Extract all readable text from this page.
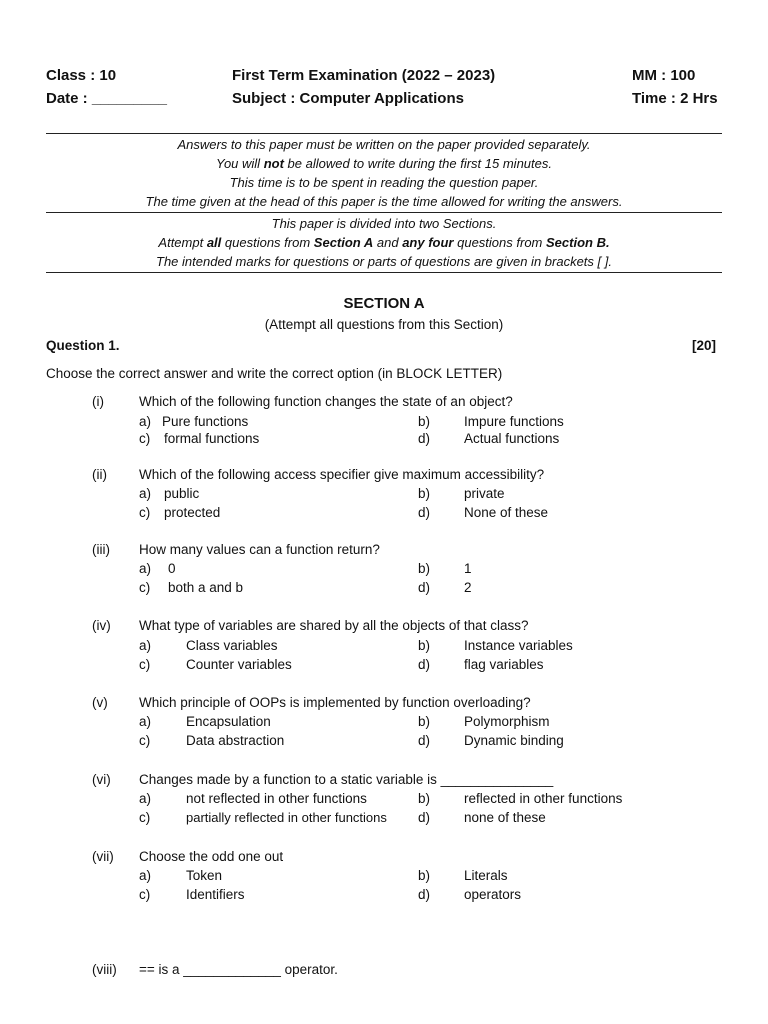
Class : 10
Date : _________
First Term Examination (2022 – 2023)
Subject : Computer Applications
MM : 100
Time : 2 Hrs
Answers to this paper must be written on the paper provided separately.
You will not be allowed to write during the first 15 minutes.
This time is to be spent in reading the question paper.
The time given at the head of this paper is the time allowed for writing the answers.
This paper is divided into two Sections.
Attempt all questions from Section A and any four questions from Section B.
The intended marks for questions or parts of questions are given in brackets [ ].
SECTION A
(Attempt all questions from this Section)
Question 1.	[20]
Choose the correct answer and write the correct option (in BLOCK LETTER)
(i)	Which of the following function changes the state of an object?
a) Pure functions	b)	Impure functions
c) formal functions	d)	Actual functions
(ii) Which of the following access specifier give maximum accessibility?
a) public	b)	private
c) protected	d)	None of these
(iii) How many values can a function return?
a) 0	b)	1
c) both a and b	d)	2
(iv) What type of variables are shared by all the objects of that class?
a)	Class variables	b)	Instance variables
c)	Counter variables	d)	flag variables
(v) Which principle of OOPs is implemented by function overloading?
a)	Encapsulation	b)	Polymorphism
c)	Data abstraction	d)	Dynamic binding
(vi) Changes made by a function to a static variable is _______________
a)	not reflected in other functions	b)	reflected in other functions
c)	partially reflected in other functions d)	none of these
(vii) Choose the odd one out
a)	Token	b)	Literals
c)	Identifiers	d)	operators
(viii) == is a _____________ operator.
